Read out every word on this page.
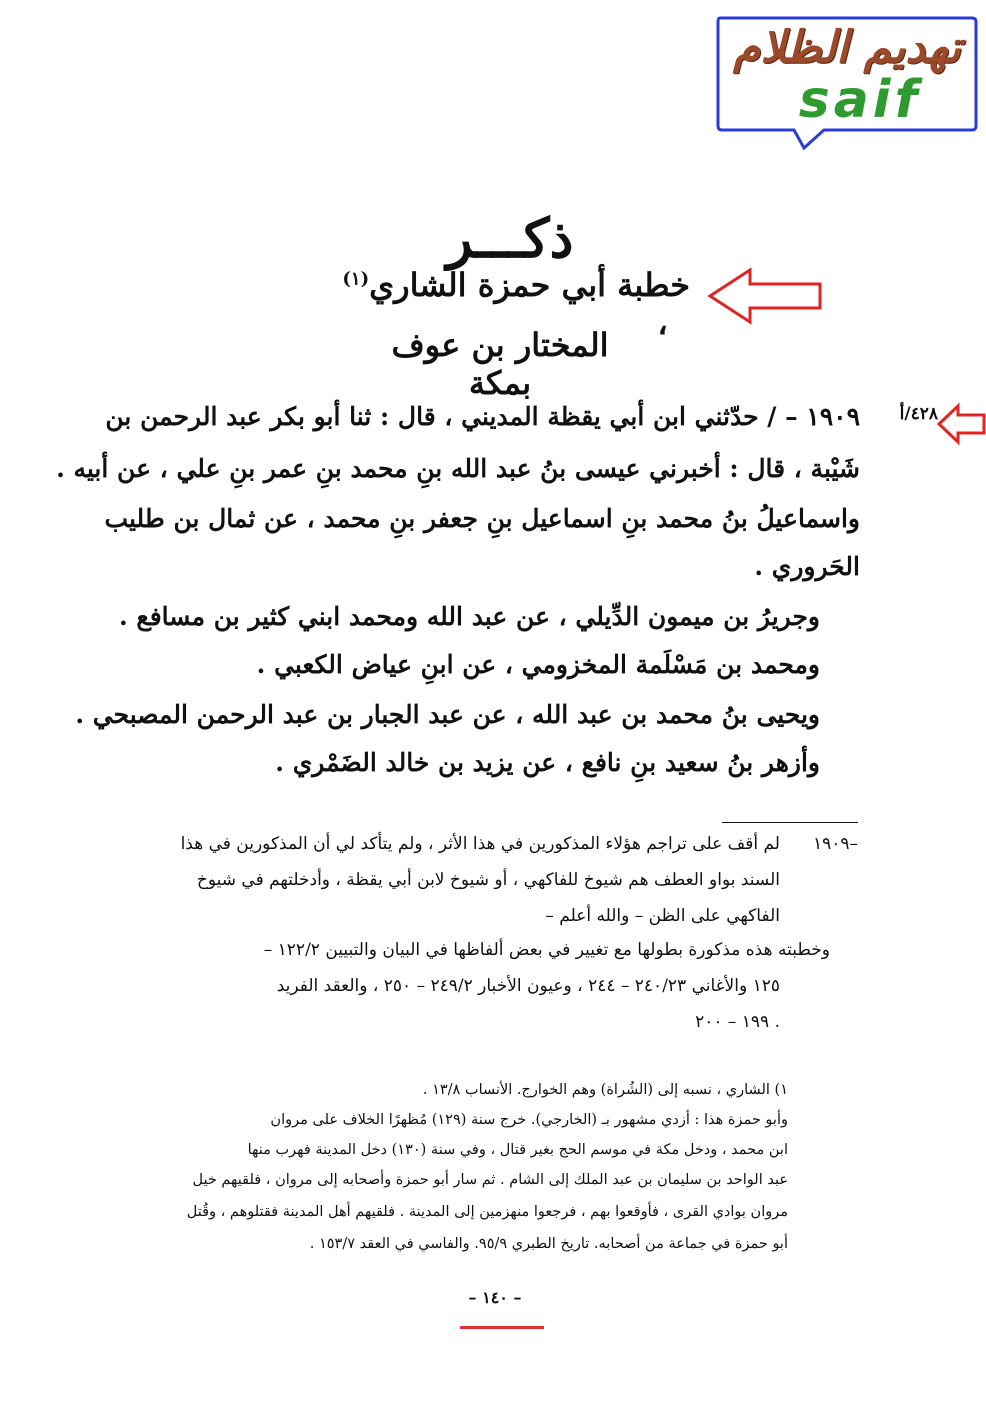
تهديم الظلام
saif
ذكـــر
خطبة أبي حمزة الشاري$^{(١)}$   ،
المختار بن عوف بمكة
٤٢٨/أ
١٩٠٩ – / حدّثني ابن أبي يقظة المديني ، قال : ثنا أبو بكر عبد الرحمن بن
شَيْبة ، قال : أخبرني عيسى بنُ عبد الله بنِ محمد بنِ عمر بنِ علي ، عن أبيه .
واسماعيلُ بنُ محمد بنِ اسماعيل بنِ جعفر بنِ محمد ، عن ثمال بن طليب
الحَروري .
وجريرُ بن ميمون الدِّيلي ، عن عبد الله ومحمد ابني كثير بن مسافع .
ومحمد بن مَسْلَمة المخزومي ، عن ابنِ عياض الكعبي .
ويحيى بنُ محمد بن عبد الله ، عن عبد الجبار بن عبد الرحمن المصبحي .
وأزهر بنُ سعيد بنِ نافع ، عن يزيد بن خالد الضَمْري .
١٩٠٩–
لم أقف على تراجم هؤلاء المذكورين في هذا الأثر ، ولم يتأكد لي أن المذكورين في هذا
السند بواو العطف هم شيوخ للفاكهي ، أو شيوخ لابن أبي يقظة ، وأدخلتهم في شيوخ
الفاكهي على الظن – والله أعلم –
وخطبته هذه مذكورة بطولها مع تغيير في بعض ألفاظها في البيان والتبيين ١٢٢/٢ –
١٢٥ والأغاني ٢٤٠/٢٣ – ٢٤٤ ، وعيون الأخبار ٢٤٩/٢ – ٢٥٠ ، والعقد الفريد
١٩٩ – ٢٠٠ .
١) الشاري ، نسبه إلى (الشُراة) وهم الخوارج. الأنساب ١٣/٨ .
وأبو حمزة هذا : أزدي مشهور بـ (الخارجي). خرج سنة (١٢٩) مُظهرًا الخلاف على مروان
ابن محمد ، ودخل مكة في موسم الحج بغير قتال ، وفي سنة (١٣٠) دخل المدينة فهرب منها
عبد الواحد بن سليمان بن عبد الملك إلى الشام . ثم سار أبو حمزة وأصحابه إلى مروان ، فلقيهم خيل
مروان بوادي القرى ، فأوقعوا بهم ، فرجعوا منهزمين إلى المدينة . فلقيهم أهل المدينة فقتلوهم ، وقُتل
أبو حمزة في جماعة من أصحابه. تاريخ الطبري ٩٥/٩. والفاسي في العقد ١٥٣/٧ .
– ١٤٠ –
